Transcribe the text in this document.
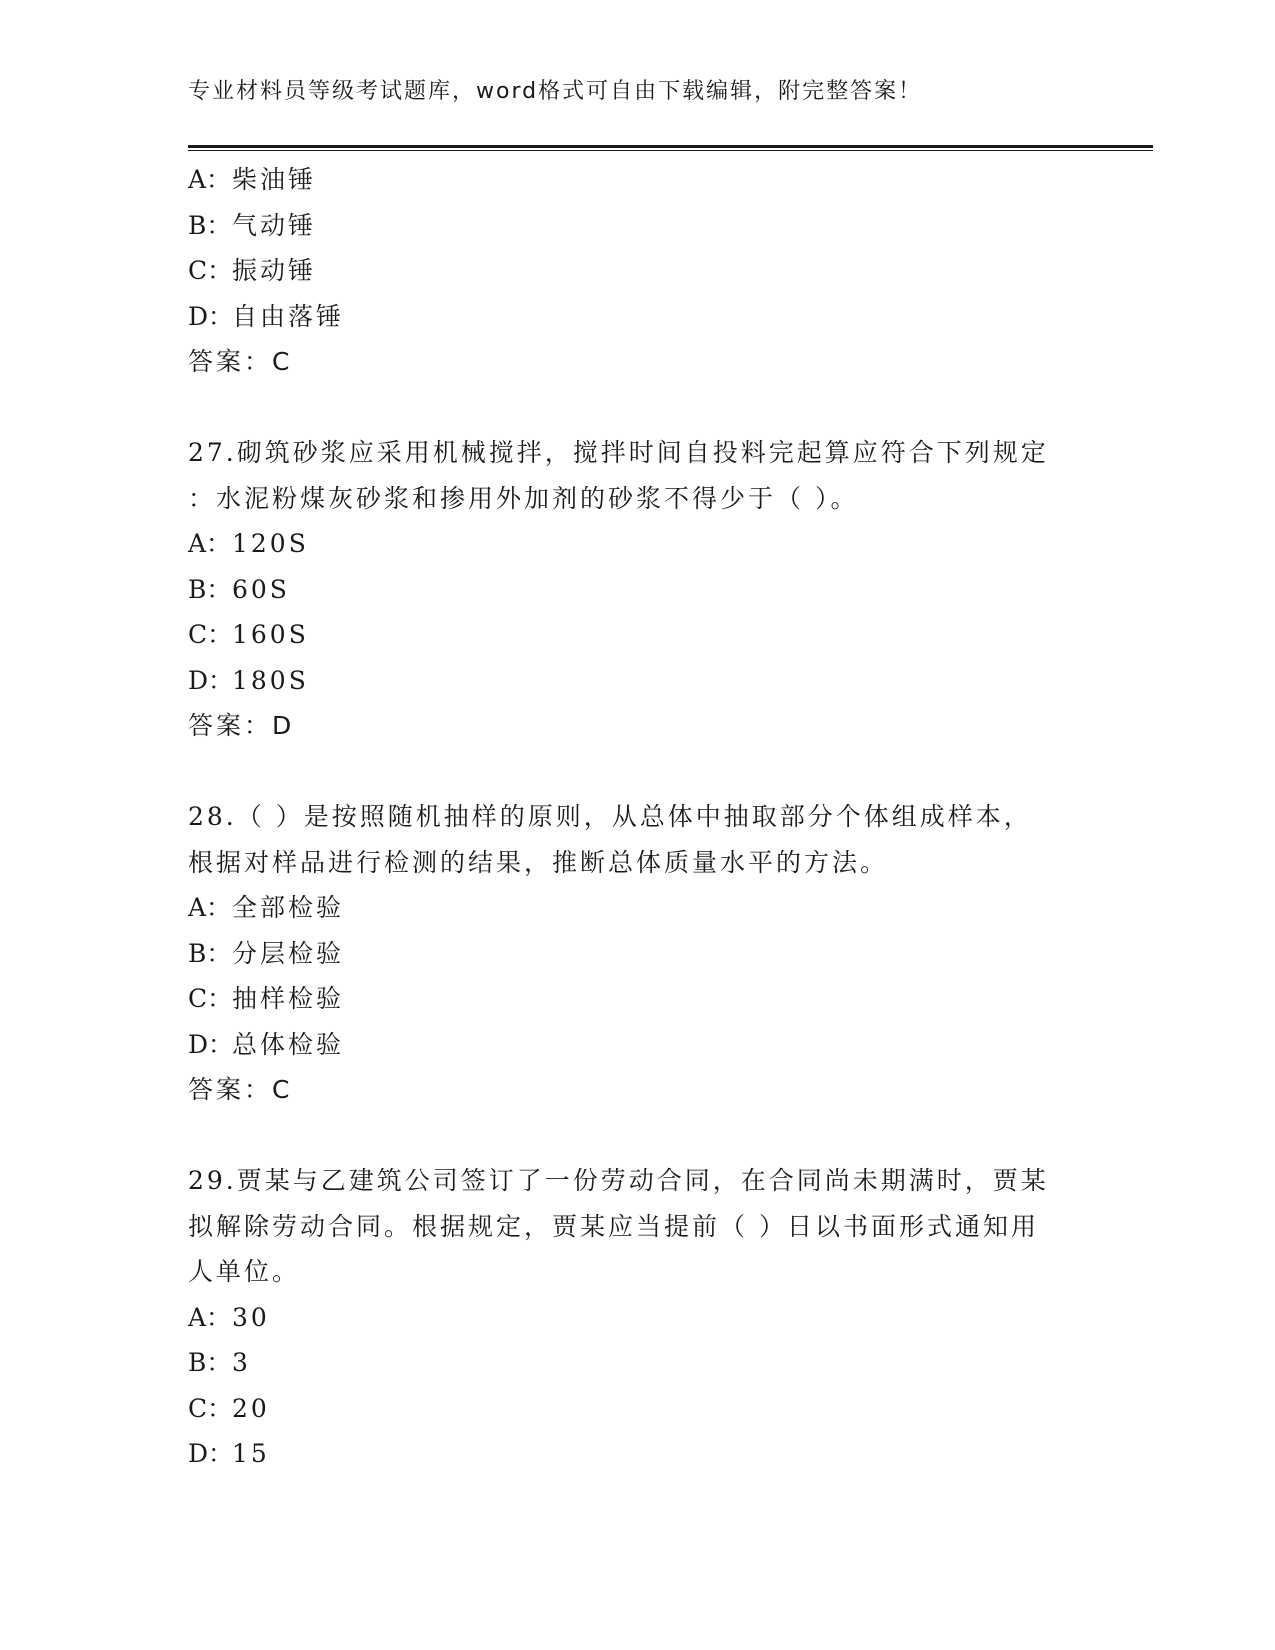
专业材料员等级考试题库，word格式可自由下载编辑，附完整答案！
A：柴油锤
B：气动锤
C：振动锤
D：自由落锤
答案：C
27.砌筑砂浆应采用机械搅拌，搅拌时间自投料完起算应符合下列规定
：水泥粉煤灰砂浆和掺用外加剂的砂浆不得少于（ ）。
A：120S
B：60S
C：160S
D：180S
答案：D
28.（ ）是按照随机抽样的原则，从总体中抽取部分个体组成样本，
根据对样品进行检测的结果，推断总体质量水平的方法。
A：全部检验
B：分层检验
C：抽样检验
D：总体检验
答案：C
29.贾某与乙建筑公司签订了一份劳动合同，在合同尚未期满时，贾某
拟解除劳动合同。根据规定，贾某应当提前（ ）日以书面形式通知用
人单位。
A：30
B：3
C：20
D：15
